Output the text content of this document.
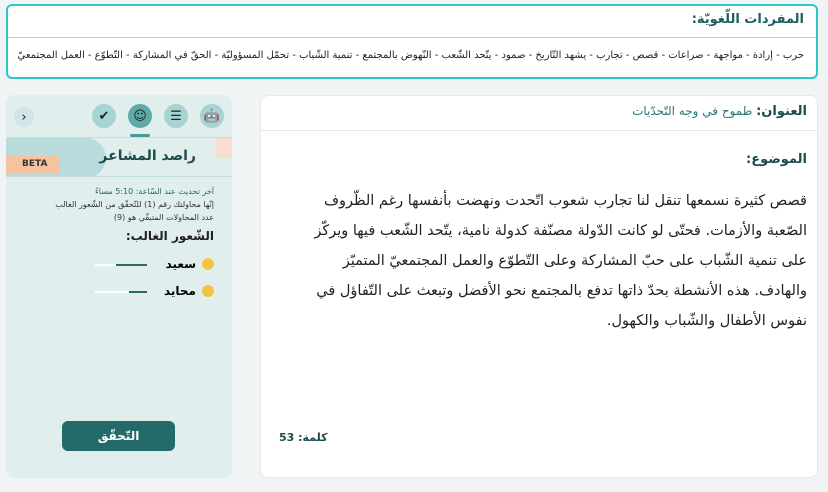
المفردات اللّغويّة:
حرب - إرادة - مواجهة - صراعات - قصص - تجارب - يشهد التّاريخ - صمود - يتّحد الشّعب - النّهوض بالمجتمع - تنمية الشّباب - تحمّل المسؤوليّة - الحقّ في المشاركة - التّطوّع - العمل المجتمعيّ
🤖
☰
☺
✔
‹
BETA	راصد المشاعر
آخر تحديث عند السّاعة: 5:10 مساءً
إنّها محاولتك رقم (1) للتّحقّق من الشّعور الغالب
عدد المحاولات المتبقّي هو (9)
الشّعور الغالب:
سعيد
محايد
التّحقّق
العنوان: طموح في وجه التّحدّيات
الموضوع:
قصص كثيرة نسمعها تنقل لنا تجارب شعوب اتّحدت ونهضت بأنفسها رغم الظّروف الصّعبة والأزمات. فحتّى لو كانت الدّولة مصنّفة كدولة نامية، يتّحد الشّعب فيها ويركّز على تنمية الشّباب على حبّ المشاركة وعلى التّطوّع والعمل المجتمعيّ المتميّز والهادف. هذه الأنشطة بحدّ ذاتها تدفع بالمجتمع نحو الأفضل وتبعث على التّفاؤل في نفوس الأطفال والشّباب والكهول.
كلمة: 53
